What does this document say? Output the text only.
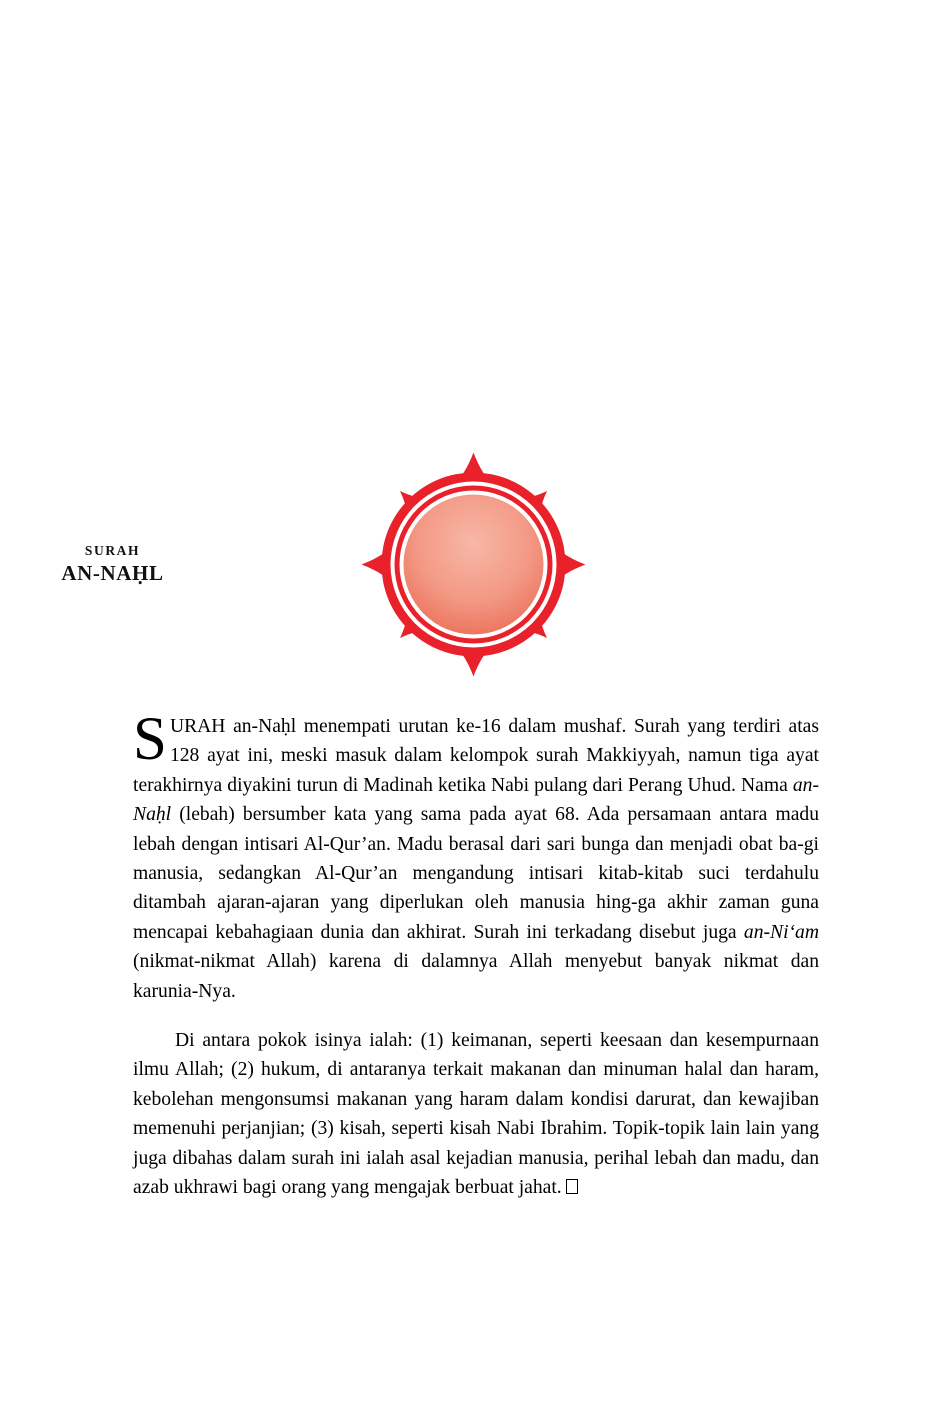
SURAH
AN-NAḤL

SURAH an-Naḥl menempati urutan ke-16 dalam mushaf. Surah yang terdiri atas 128 ayat ini, meski masuk dalam kelompok surah Makkiyyah, namun tiga ayat terakhirnya diyakini turun di Madinah ketika Nabi pulang dari Perang Uhud. Nama an-Naḥl (lebah) bersumber kata yang sama pada ayat 68. Ada persamaan antara madu lebah dengan intisari Al-Qur’an. Madu berasal dari sari bunga dan menjadi obat ba-gi manusia, sedangkan Al-Qur’an mengandung intisari kitab-kitab suci terdahulu ditambah ajaran-ajaran yang diperlukan oleh manusia hing-ga akhir zaman guna mencapai kebahagiaan dunia dan akhirat. Surah ini terkadang disebut juga an-Ni‘am (nikmat-nikmat Allah) karena di dalamnya Allah menyebut banyak nikmat dan karunia-Nya.

Di antara pokok isinya ialah: (1) keimanan, seperti keesaan dan kesempurnaan ilmu Allah; (2) hukum, di antaranya terkait makanan dan minuman halal dan haram, kebolehan mengonsumsi makanan yang haram dalam kondisi darurat, dan kewajiban memenuhi perjanjian; (3) kisah, seperti kisah Nabi Ibrahim. Topik-topik lain lain yang juga dibahas dalam surah ini ialah asal kejadian manusia, perihal lebah dan madu, dan azab ukhrawi bagi orang yang mengajak berbuat jahat.
